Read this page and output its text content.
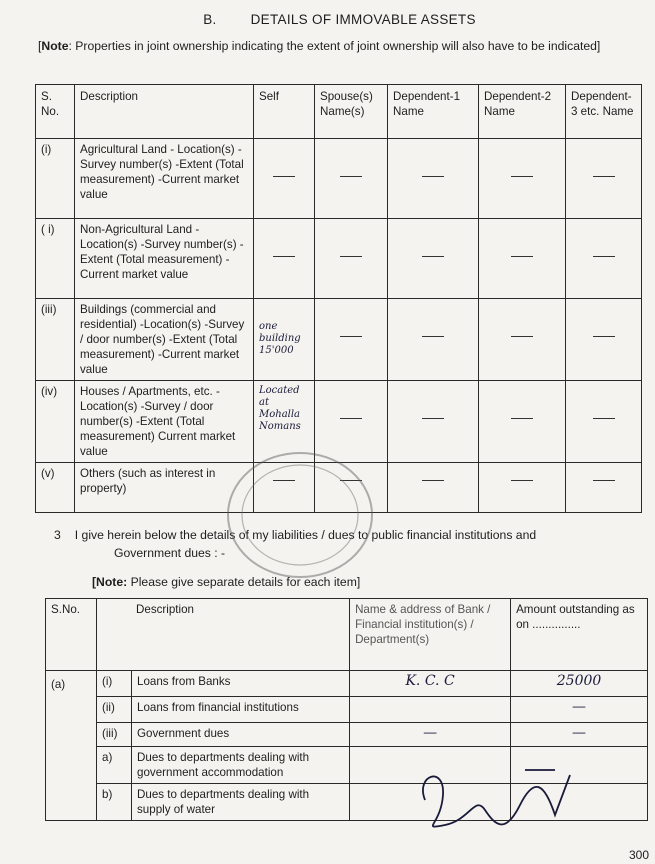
B.	DETAILS OF IMMOVABLE ASSETS
[Note: Properties in joint ownership indicating the extent of joint ownership will also have to be indicated]
S. No.	Description	Self	Spouse(s) Name(s)	Dependent-1 Name	Dependent-2 Name	Dependent-3 etc. Name
(i)	Agricultural Land - Location(s) -Survey number(s) -Extent (Total measurement) -Current market value	

( i)	Non-Agricultural Land - Location(s) -Survey number(s) -Extent (Total measurement) -Current market value	

(iii)	Buildings (commercial and residential) -Location(s) -Survey / door number(s) -Extent (Total measurement) -Current market value	one building 15'000				

(iv)	Houses / Apartments, etc. -Location(s) -Survey / door number(s) -Extent (Total measurement) Current market value	Located at Mohalla Nomans				

(v)	Others (such as interest in property)	

3 I give herein below the details of my liabilities / dues to public financial institutions and
Government dues : -
[Note: Please give separate details for each item]
S.No.	Description		Name & address of Bank / Financial institution(s) / Department(s)	Amount outstanding as on ...............
(a)	(i)	Loans from Banks	K. C. C	25000
	(ii)	Loans from financial institutions		—
	(iii)	Government dues	—	—
	a)	Dues to departments dealing with government accommodation		
	b)	Dues to departments dealing with supply of water		
300
